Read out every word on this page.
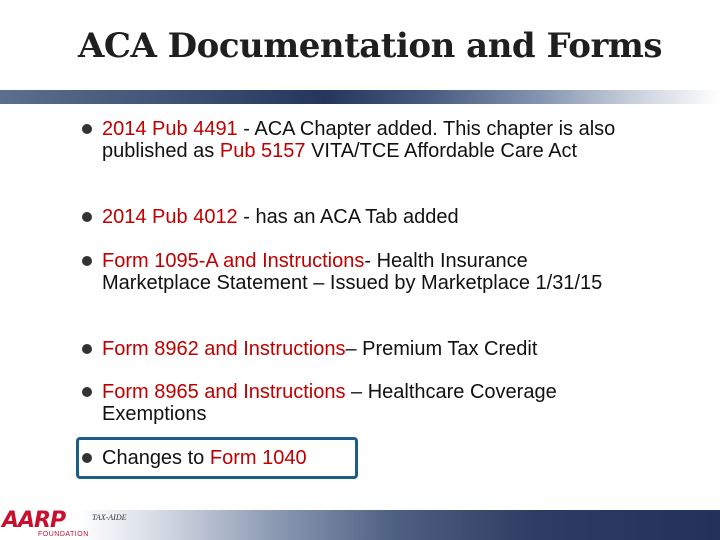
ACA Documentation and Forms
2014 Pub 4491 - ACA Chapter added. This chapter is also published as Pub 5157 VITA/TCE Affordable Care Act
2014 Pub 4012 - has an ACA Tab added
Form 1095-A and Instructions- Health Insurance Marketplace Statement – Issued by Marketplace 1/31/15
Form 8962 and Instructions– Premium Tax Credit
Form 8965 and Instructions – Healthcare Coverage Exemptions
Changes to Form 1040
AARP
FOUNDATION
TAX-AIDE
